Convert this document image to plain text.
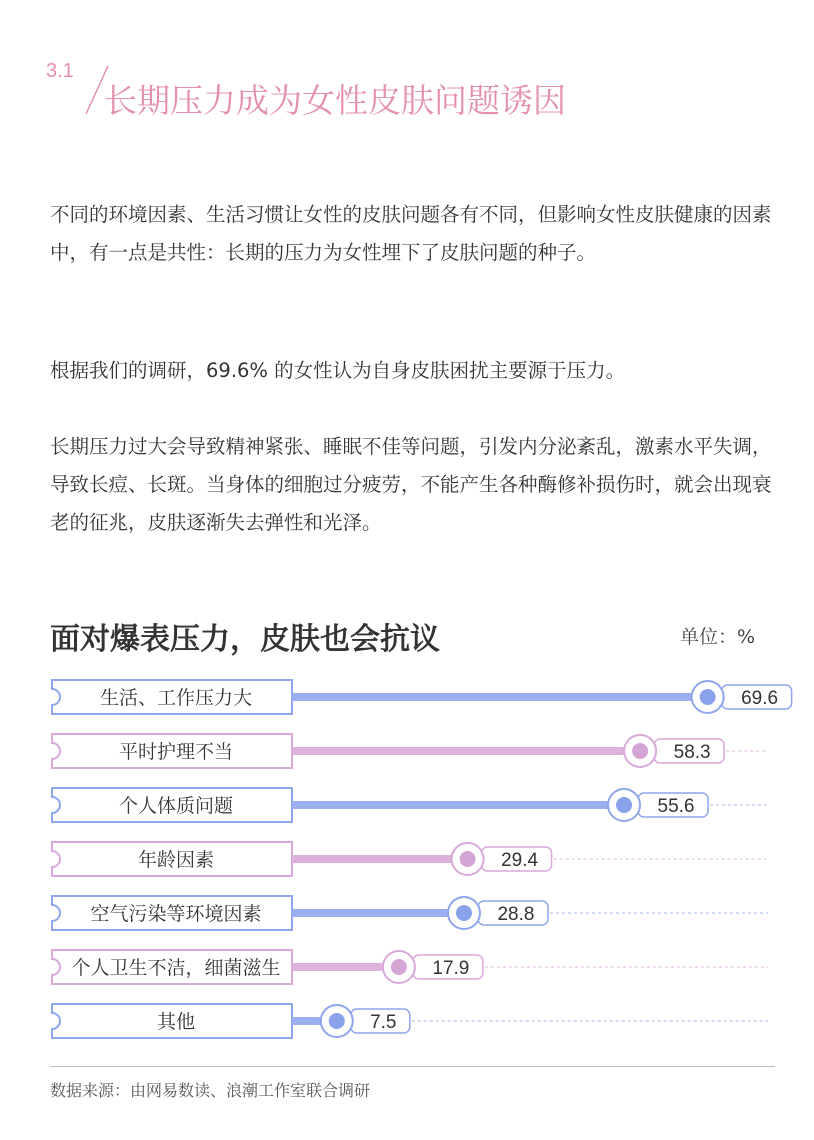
3.1
长期压力成为女性皮肤问题诱因

不同的环境因素、生活习惯让女性的皮肤问题各有不同，但影响女性皮肤健康的因素中，有一点是共性：长期的压力为女性埋下了皮肤问题的种子。

根据我们的调研，69.6% 的女性认为自身皮肤困扰主要源于压力。

长期压力过大会导致精神紧张、睡眠不佳等问题，引发内分泌紊乱，激素水平失调，导致长痘、长斑。当身体的细胞过分疲劳，不能产生各种酶修补损伤时，就会出现衰老的征兆，皮肤逐渐失去弹性和光泽。

面对爆表压力，皮肤也会抗议	单位：%
生活、工作压力大	69.6
平时护理不当	58.3
个人体质问题	55.6
年龄因素	29.4
空气污染等环境因素	28.8
个人卫生不洁，细菌滋生	17.9
其他	7.5
数据来源：由网易数读、浪潮工作室联合调研
